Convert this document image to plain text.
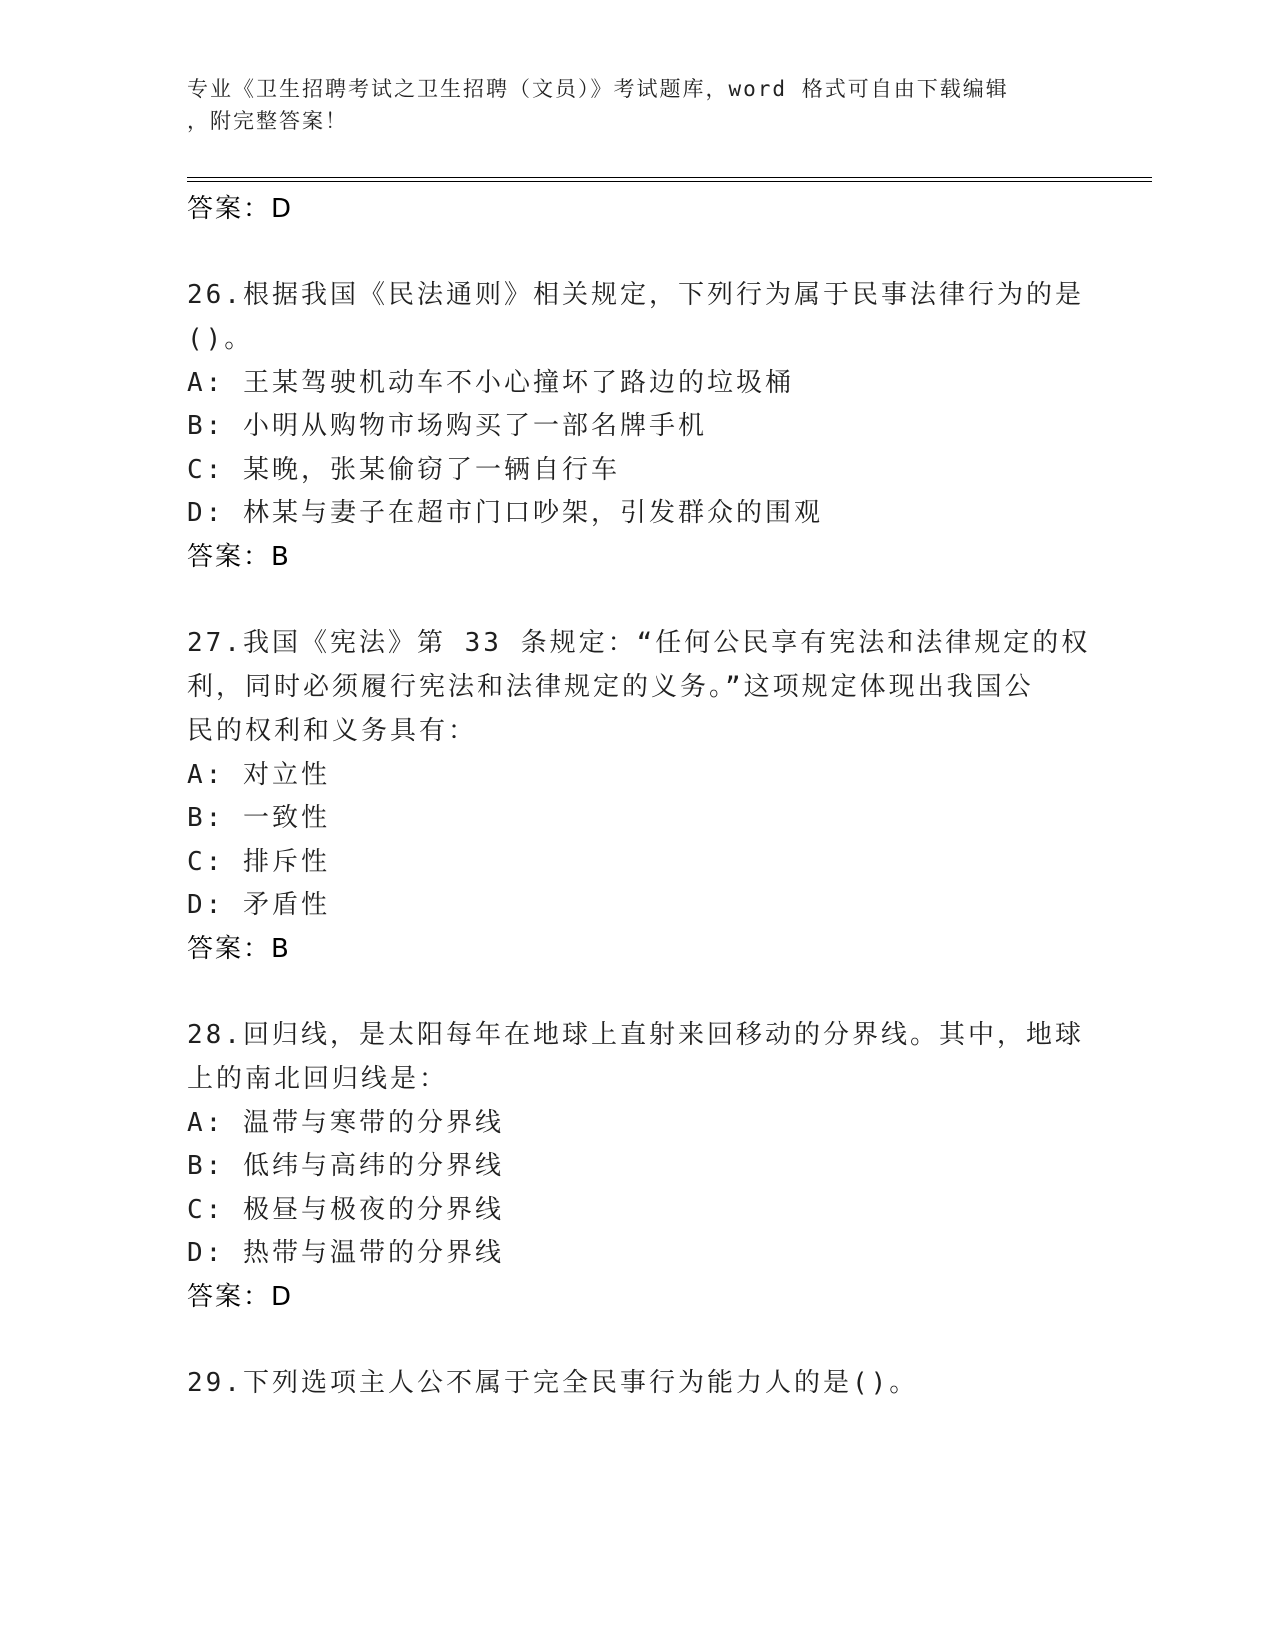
专业《卫生招聘考试之卫生招聘（文员）》考试题库，word 格式可自由下载编辑
，附完整答案！
答案：D
26.根据我国《民法通则》相关规定，下列行为属于民事法律行为的是
()。
A: 王某驾驶机动车不小心撞坏了路边的垃圾桶
B: 小明从购物市场购买了一部名牌手机
C: 某晚，张某偷窃了一辆自行车
D: 林某与妻子在超市门口吵架，引发群众的围观
答案：B
27.我国《宪法》第 33 条规定：“任何公民享有宪法和法律规定的权
利，同时必须履行宪法和法律规定的义务。”这项规定体现出我国公
民的权利和义务具有：
A: 对立性
B: 一致性
C: 排斥性
D: 矛盾性
答案：B
28.回归线，是太阳每年在地球上直射来回移动的分界线。其中，地球
上的南北回归线是：
A: 温带与寒带的分界线
B: 低纬与高纬的分界线
C: 极昼与极夜的分界线
D: 热带与温带的分界线
答案：D
29.下列选项主人公不属于完全民事行为能力人的是()。
